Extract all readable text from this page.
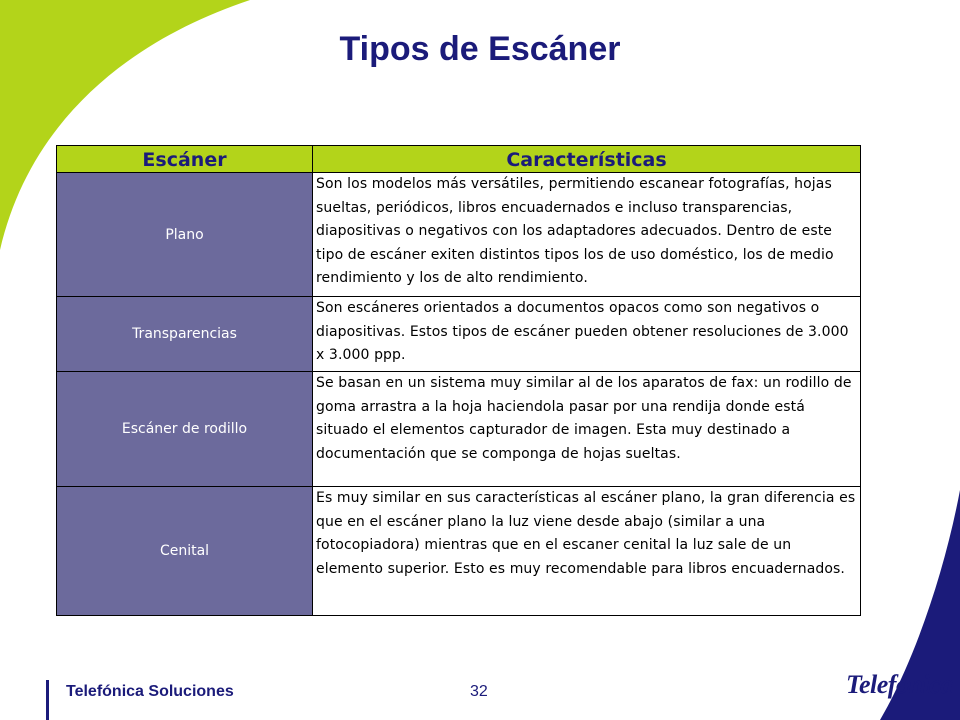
Tipos de Escáner
Escáner	Características
Plano	Son los modelos más versátiles, permitiendo escanear fotografías, hojas sueltas, periódicos, libros encuadernados e incluso transparencias, diapositivas o negativos con los adaptadores adecuados. Dentro de este tipo de escáner exiten distintos tipos los de uso doméstico, los de medio rendimiento y los de alto rendimiento.
Transparencias	Son escáneres orientados a documentos opacos como son negativos o diapositivas. Estos tipos de escáner pueden obtener resoluciones de 3.000 x 3.000 ppp.
Escáner de rodillo	Se basan en un sistema muy similar al de los aparatos de fax: un rodillo de goma arrastra a la hoja haciendola pasar por una rendija donde está situado el elementos capturador de imagen. Esta muy destinado a documentación que se componga de hojas sueltas.
Cenital	Es muy similar en sus características al escáner plano, la gran diferencia es que en el escáner plano la luz viene desde abajo (similar a una fotocopiadora) mientras que en el escaner cenital la luz sale de un elemento superior. Esto es muy recomendable para libros encuadernados.
Telefónica Soluciones	32	Telefónica
